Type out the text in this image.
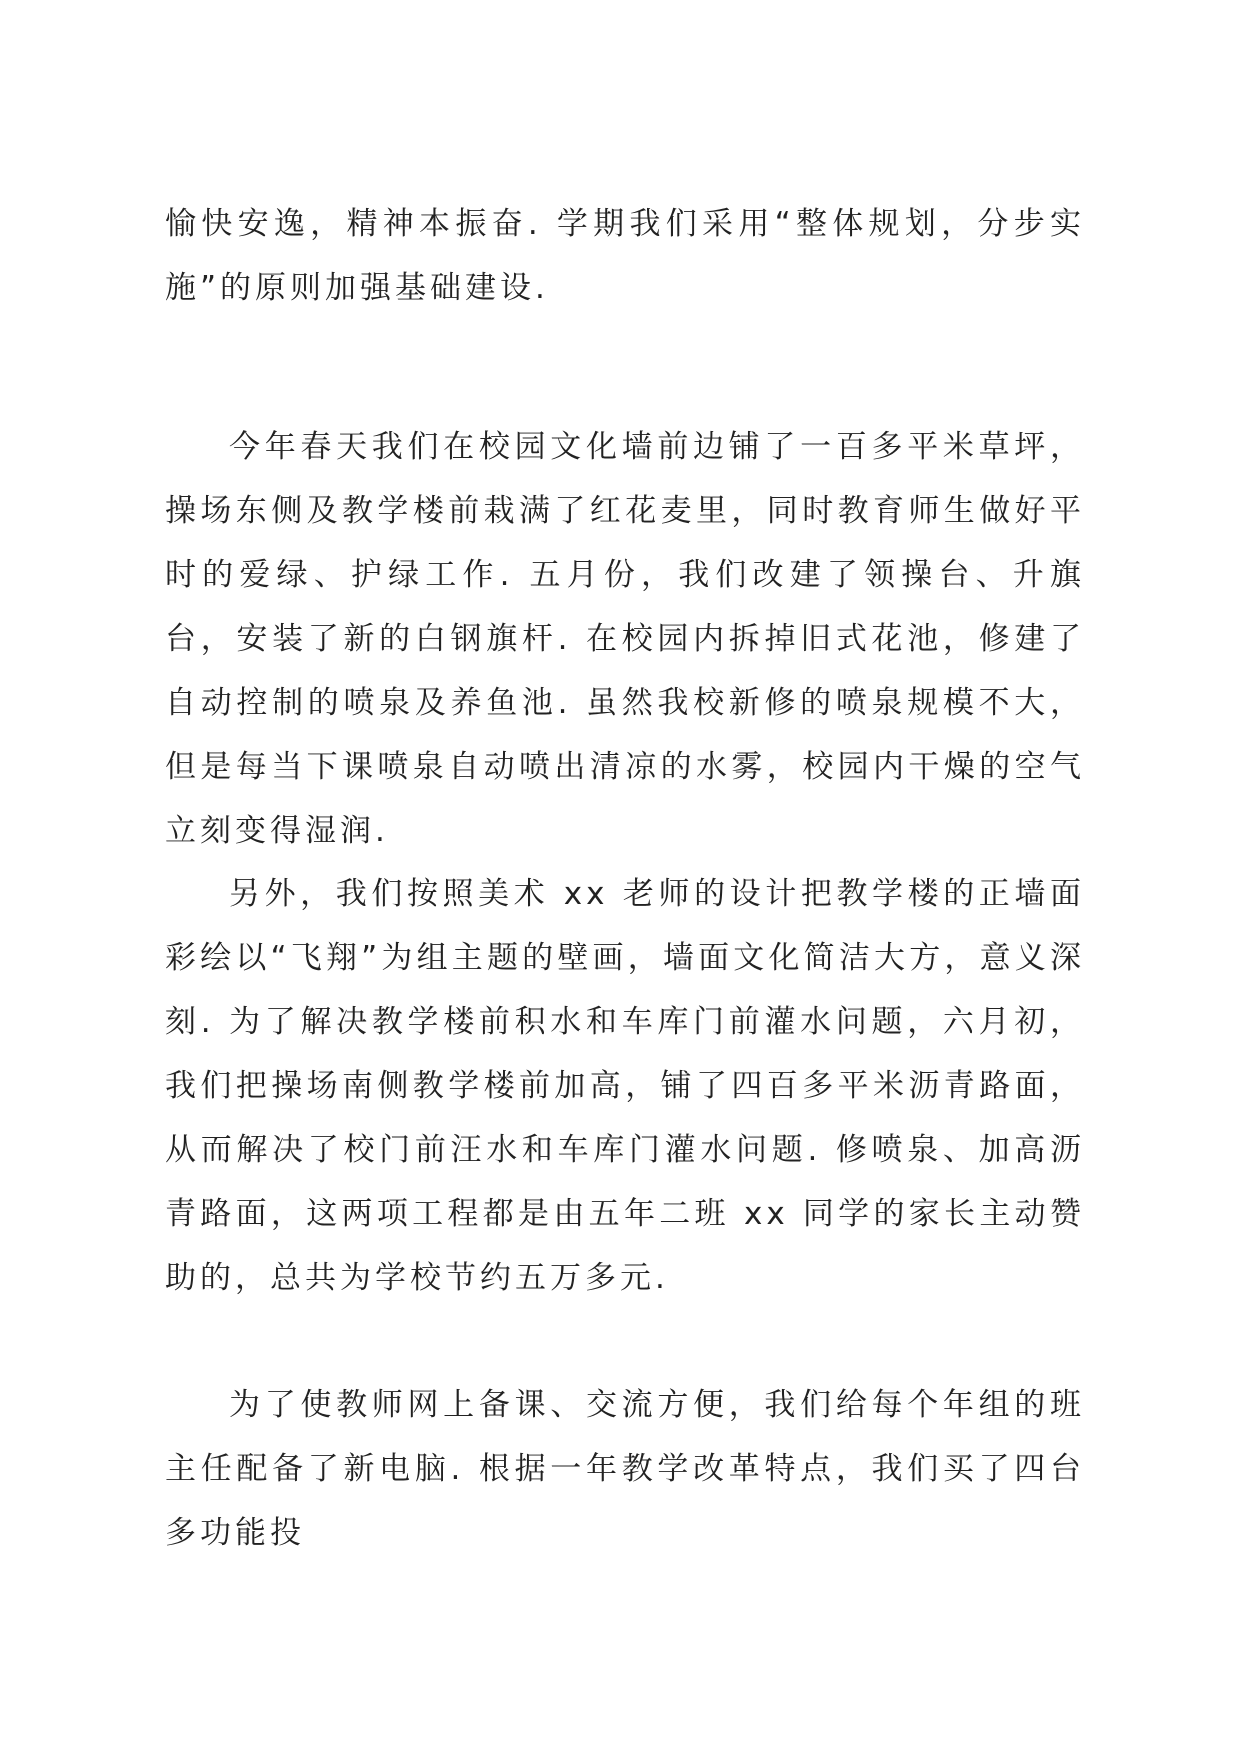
愉快安逸，精神本振奋. 学期我们采用“整体规划，分步实施”的原则加强基础建设.

今年春天我们在校园文化墙前边铺了一百多平米草坪，操场东侧及教学楼前栽满了红花麦里，同时教育师生做好平时的爱绿、护绿工作. 五月份，我们改建了领操台、升旗台，安装了新的白钢旗杆. 在校园内拆掉旧式花池，修建了自动控制的喷泉及养鱼池. 虽然我校新修的喷泉规模不大，但是每当下课喷泉自动喷出清凉的水雾，校园内干燥的空气立刻变得湿润.

另外，我们按照美术 xx 老师的设计把教学楼的正墙面彩绘以“飞翔”为组主题的壁画，墙面文化简洁大方，意义深刻. 为了解决教学楼前积水和车库门前灌水问题，六月初，我们把操场南侧教学楼前加高，铺了四百多平米沥青路面，从而解决了校门前汪水和车库门灌水问题. 修喷泉、加高沥青路面，这两项工程都是由五年二班 xx 同学的家长主动赞助的，总共为学校节约五万多元.

为了使教师网上备课、交流方便，我们给每个年组的班主任配备了新电脑. 根据一年教学改革特点，我们买了四台多功能投
